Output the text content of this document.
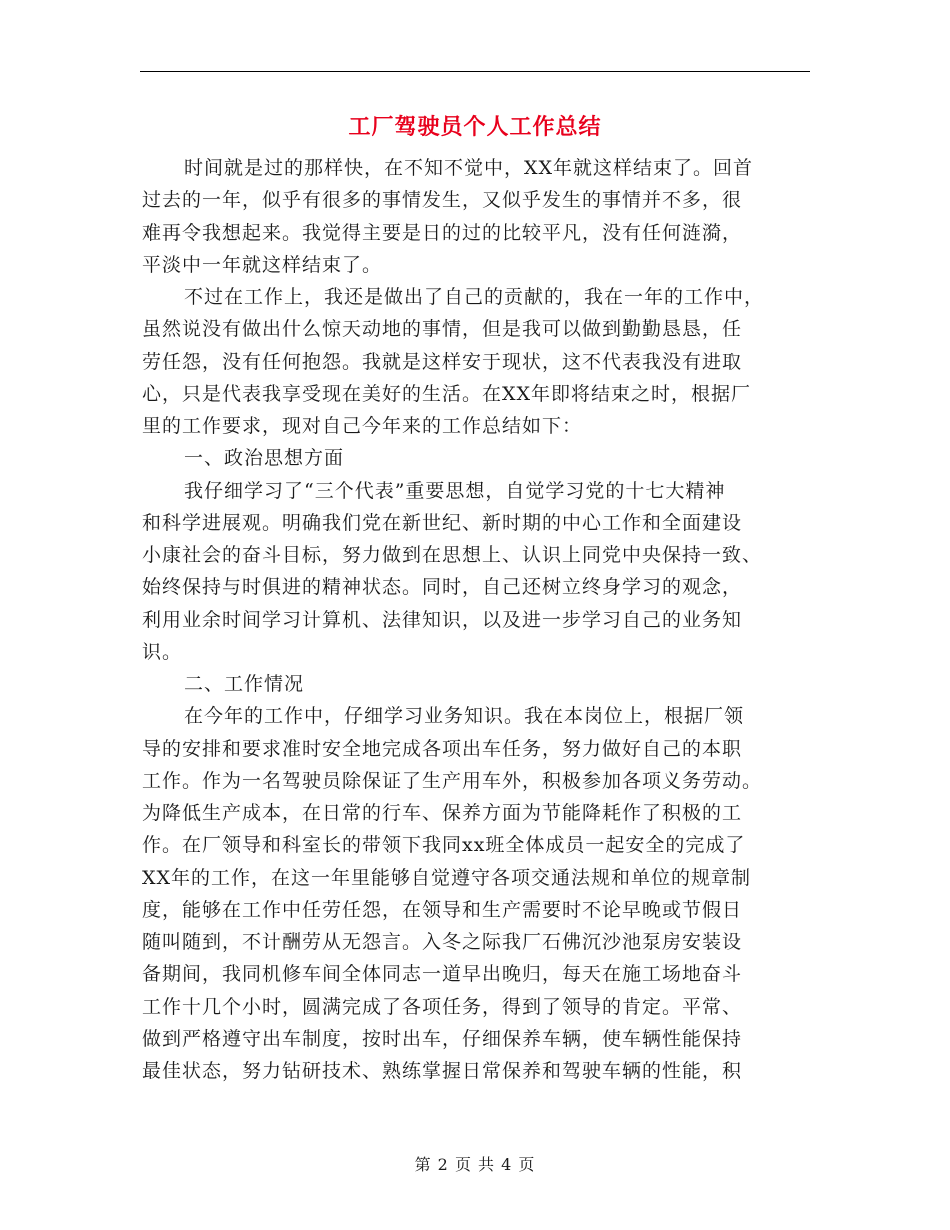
工厂驾驶员个人工作总结
时间就是过的那样快，在不知不觉中，XX年就这样结束了。回首
过去的一年，似乎有很多的事情发生，又似乎发生的事情并不多，很
难再令我想起来。我觉得主要是日的过的比较平凡，没有任何涟漪，
平淡中一年就这样结束了。
不过在工作上，我还是做出了自己的贡献的，我在一年的工作中，
虽然说没有做出什么惊天动地的事情，但是我可以做到勤勤恳恳，任
劳任怨，没有任何抱怨。我就是这样安于现状，这不代表我没有进取
心，只是代表我享受现在美好的生活。在XX年即将结束之时，根据厂
里的工作要求，现对自己今年来的工作总结如下：
一、政治思想方面
我仔细学习了“三个代表”重要思想，自觉学习党的十七大精神
和科学进展观。明确我们党在新世纪、新时期的中心工作和全面建设
小康社会的奋斗目标，努力做到在思想上、认识上同党中央保持一致、
始终保持与时俱进的精神状态。同时，自己还树立终身学习的观念，
利用业余时间学习计算机、法律知识，以及进一步学习自己的业务知
识。
二、工作情况
在今年的工作中，仔细学习业务知识。我在本岗位上，根据厂领
导的安排和要求准时安全地完成各项出车任务，努力做好自己的本职
工作。作为一名驾驶员除保证了生产用车外，积极参加各项义务劳动。
为降低生产成本，在日常的行车、保养方面为节能降耗作了积极的工
作。在厂领导和科室长的带领下我同xx班全体成员一起安全的完成了
XX年的工作，在这一年里能够自觉遵守各项交通法规和单位的规章制
度，能够在工作中任劳任怨，在领导和生产需要时不论早晚或节假日
随叫随到，不计酬劳从无怨言。入冬之际我厂石佛沉沙池泵房安装设
备期间，我同机修车间全体同志一道早出晚归，每天在施工场地奋斗
工作十几个小时，圆满完成了各项任务，得到了领导的肯定。平常、
做到严格遵守出车制度，按时出车，仔细保养车辆，使车辆性能保持
最佳状态，努力钻研技术、熟练掌握日常保养和驾驶车辆的性能，积
第 2 页 共 4 页
